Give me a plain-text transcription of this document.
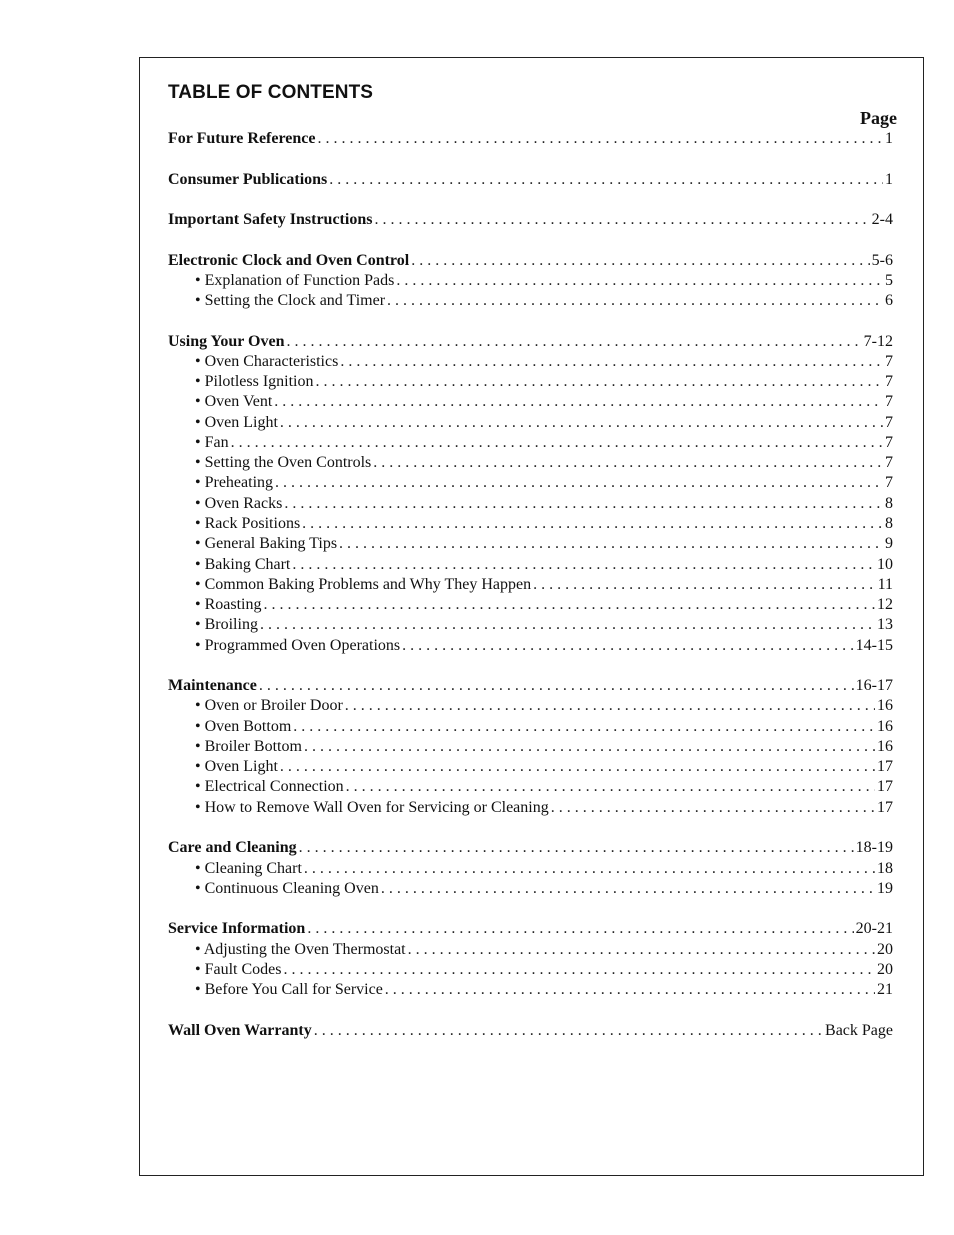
TABLE OF CONTENTS
Page
For Future Reference . . .	1
Consumer Publications . . .	1
Important Safety Instructions . . .	2-4
Electronic Clock and Oven Control . . .	5-6
• Explanation of Function Pads . . .	5
• Setting the Clock and Timer . . .	6
Using Your Oven . . .	7-12
• Oven Characteristics . . .	7
• Pilotless Ignition . . .	7
• Oven Vent . . .	7
• Oven Light . . .	7
• Fan . . .	7
• Setting the Oven Controls . . .	7
• Preheating . . .	7
• Oven Racks . . .	8
• Rack Positions . . .	8
• General Baking Tips . . .	9
• Baking Chart . . .	10
• Common Baking Problems and Why They Happen . . .	11
• Roasting . . .	12
• Broiling . . .	13
• Programmed Oven Operations . . .	14-15
Maintenance . . .	16-17
• Oven or Broiler Door . . .	16
• Oven Bottom . . .	16
• Broiler Bottom . . .	16
• Oven Light . . .	17
• Electrical Connection . . .	17
• How to Remove Wall Oven for Servicing or Cleaning . . .	17
Care and Cleaning . . .	18-19
• Cleaning Chart . . .	18
• Continuous Cleaning Oven . . .	19
Service Information . . .	20-21
• Adjusting the Oven Thermostat . . .	20
• Fault Codes . . .	20
• Before You Call for Service . . .	21
Wall Oven Warranty . . .	Back Page
